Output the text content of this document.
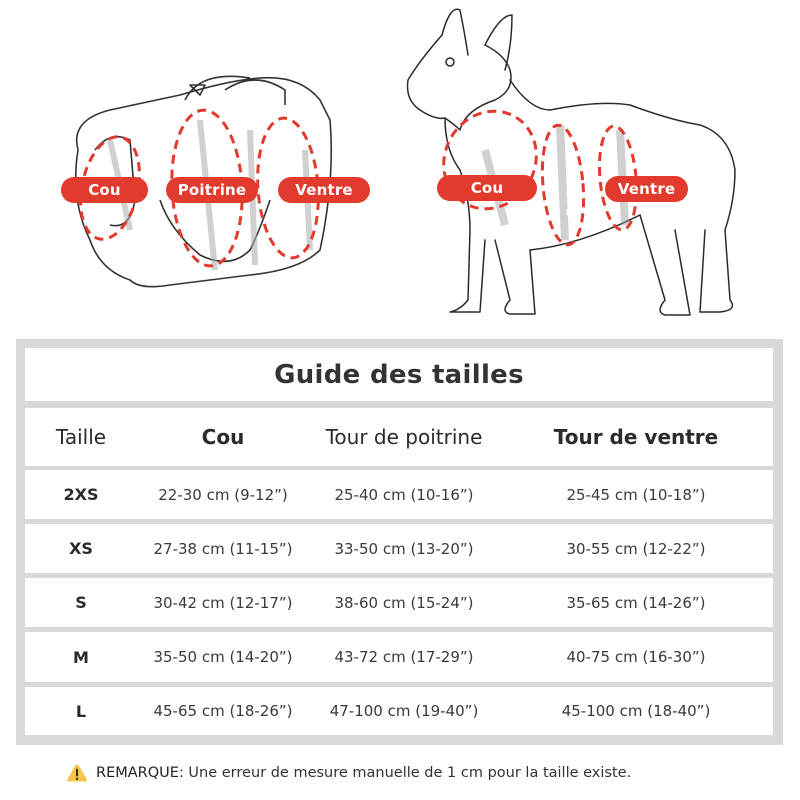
Cou	Poitrine	Ventre	Cou	Poitrine	Ventre
Guide des tailles
Taille	Cou	Tour de poitrine	Tour de ventre
2XS	22-30 cm (9-12”)	25-40 cm (10-16”)	25-45 cm (10-18”)
XS	27-38 cm (11-15”)	33-50 cm (13-20”)	30-55 cm (12-22”)
S	30-42 cm (12-17”)	38-60 cm (15-24”)	35-65 cm (14-26”)
M	35-50 cm (14-20”)	43-72 cm (17-29”)	40-75 cm (16-30”)
L	45-65 cm (18-26”)	47-100 cm (19-40”)	45-100 cm (18-40”)
REMARQUE : Une erreur de mesure manuelle de 1 cm pour la taille existe.
